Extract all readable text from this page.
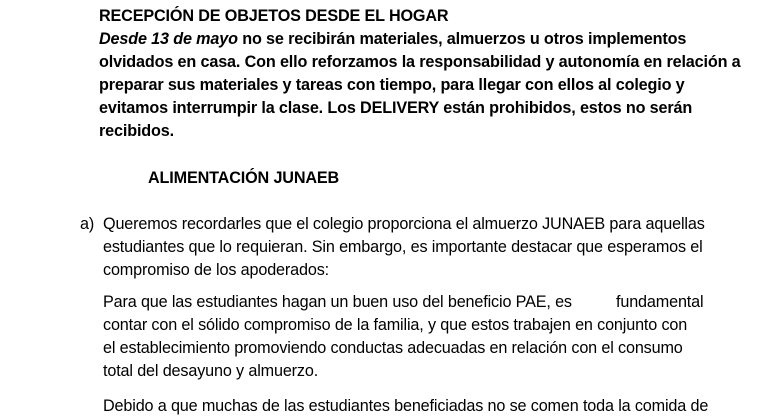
RECEPCIÓN DE OBJETOS DESDE EL HOGAR
Desde 13 de mayo no se recibirán materiales, almuerzos u otros implementos
olvidados en casa. Con ello reforzamos la responsabilidad y autonomía en relación a
preparar sus materiales y tareas con tiempo, para llegar con ellos al colegio y
evitamos interrumpir la clase. Los DELIVERY están prohibidos, estos no serán
recibidos.
ALIMENTACIÓN JUNAEB
a) Queremos recordarles que el colegio proporciona el almuerzo JUNAEB para aquellas
estudiantes que lo requieran. Sin embargo, es importante destacar que esperamos el
compromiso de los apoderados:
Para que las estudiantes hagan un buen uso del beneficio PAE, es	fundamental
contar con el sólido compromiso de la familia, y que estos trabajen en conjunto con
el establecimiento promoviendo conductas adecuadas en relación con el consumo
total del desayuno y almuerzo.
Debido a que muchas de las estudiantes beneficiadas no se comen toda la comida de
